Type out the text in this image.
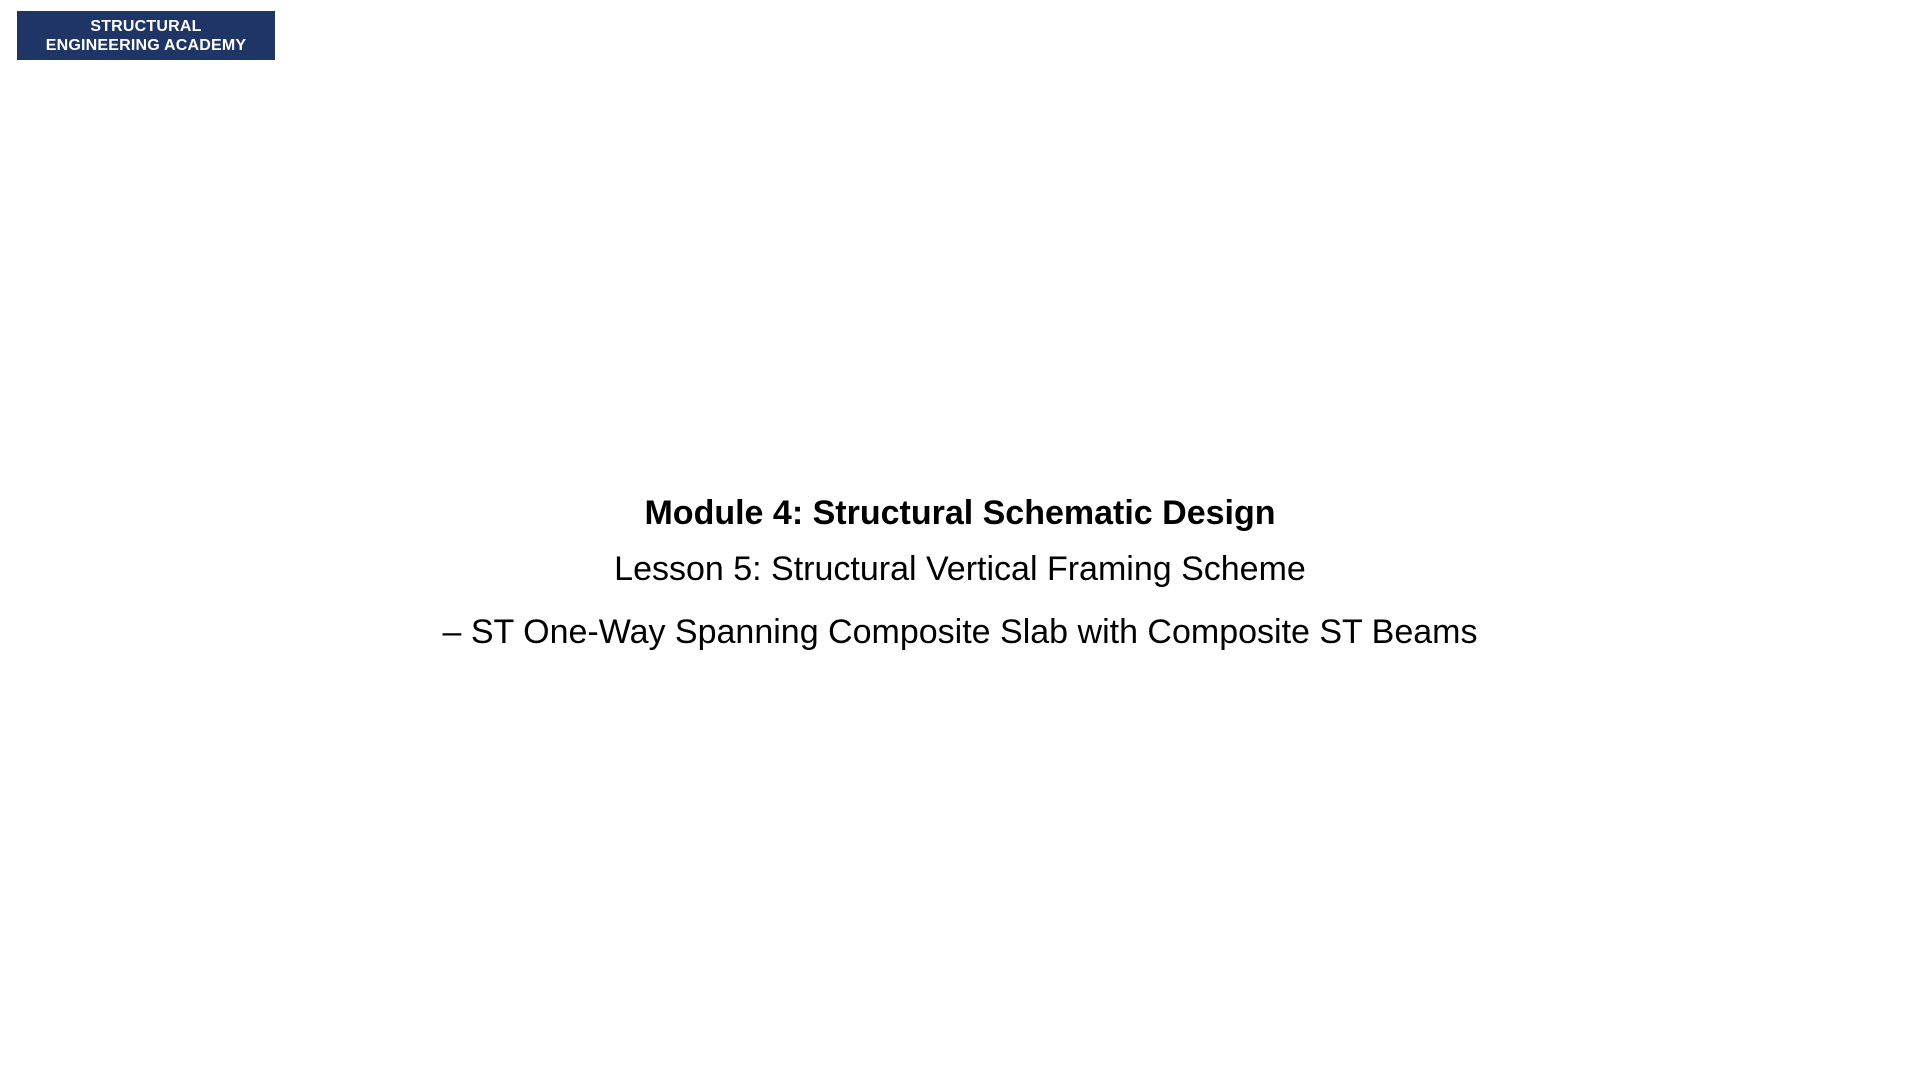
STRUCTURAL
ENGINEERING ACADEMY
Module 4: Structural Schematic Design

Lesson 5: Structural Vertical Framing Scheme

– ST One-Way Spanning Composite Slab with Composite ST Beams
